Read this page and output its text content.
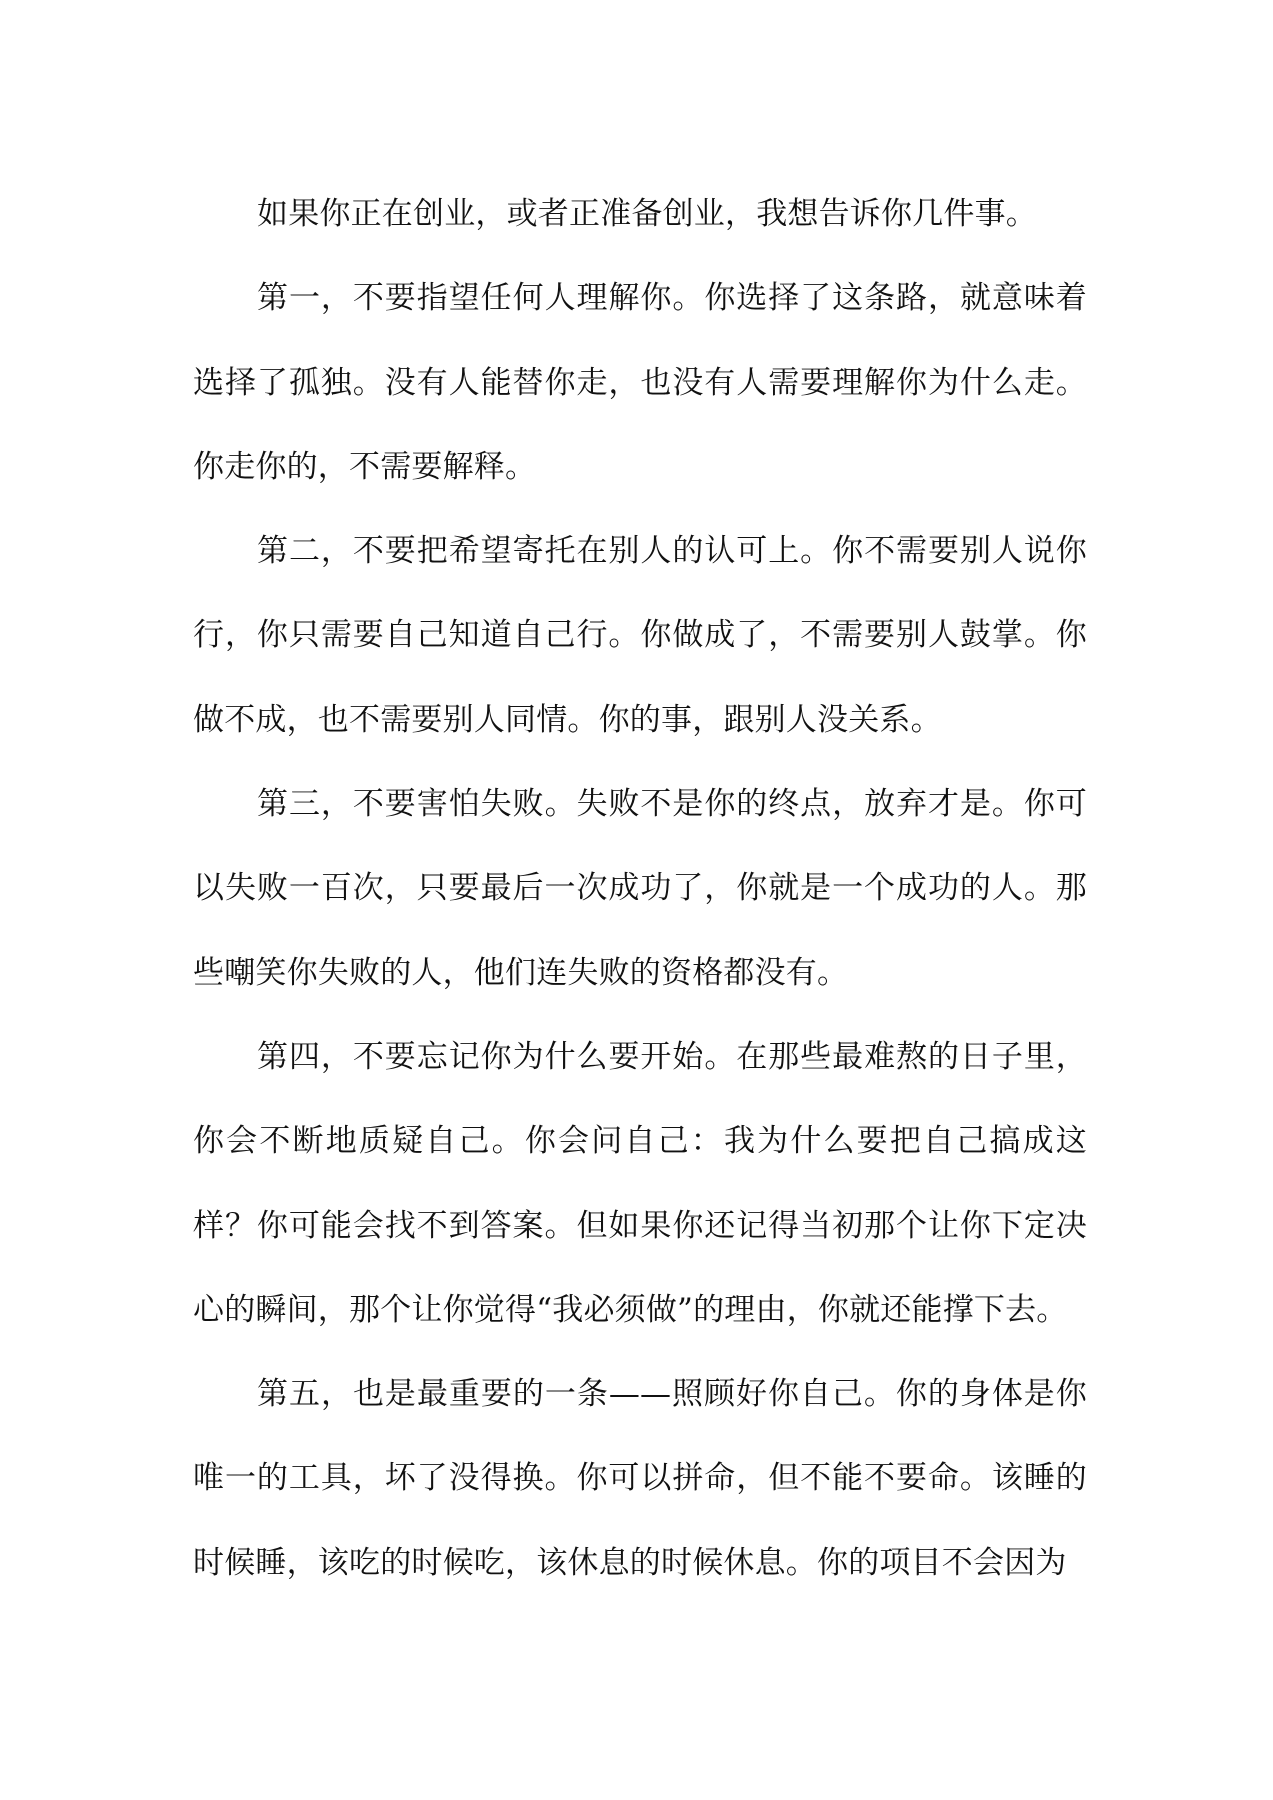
如果你正在创业，或者正准备创业，我想告诉你几件事。

第一，不要指望任何人理解你。你选择了这条路，就意味着选择了孤独。没有人能替你走，也没有人需要理解你为什么走。你走你的，不需要解释。

第二，不要把希望寄托在别人的认可上。你不需要别人说你行，你只需要自己知道自己行。你做成了，不需要别人鼓掌。你做不成，也不需要别人同情。你的事，跟别人没关系。

第三，不要害怕失败。失败不是你的终点，放弃才是。你可以失败一百次，只要最后一次成功了，你就是一个成功的人。那些嘲笑你失败的人，他们连失败的资格都没有。

第四，不要忘记你为什么要开始。在那些最难熬的日子里，你会不断地质疑自己。你会问自己：我为什么要把自己搞成这样？你可能会找不到答案。但如果你还记得当初那个让你下定决心的瞬间，那个让你觉得“我必须做”的理由，你就还能撑下去。

第五，也是最重要的一条——照顾好你自己。你的身体是你唯一的工具，坏了没得换。你可以拼命，但不能不要命。该睡的时候睡，该吃的时候吃，该休息的时候休息。你的项目不会因为
